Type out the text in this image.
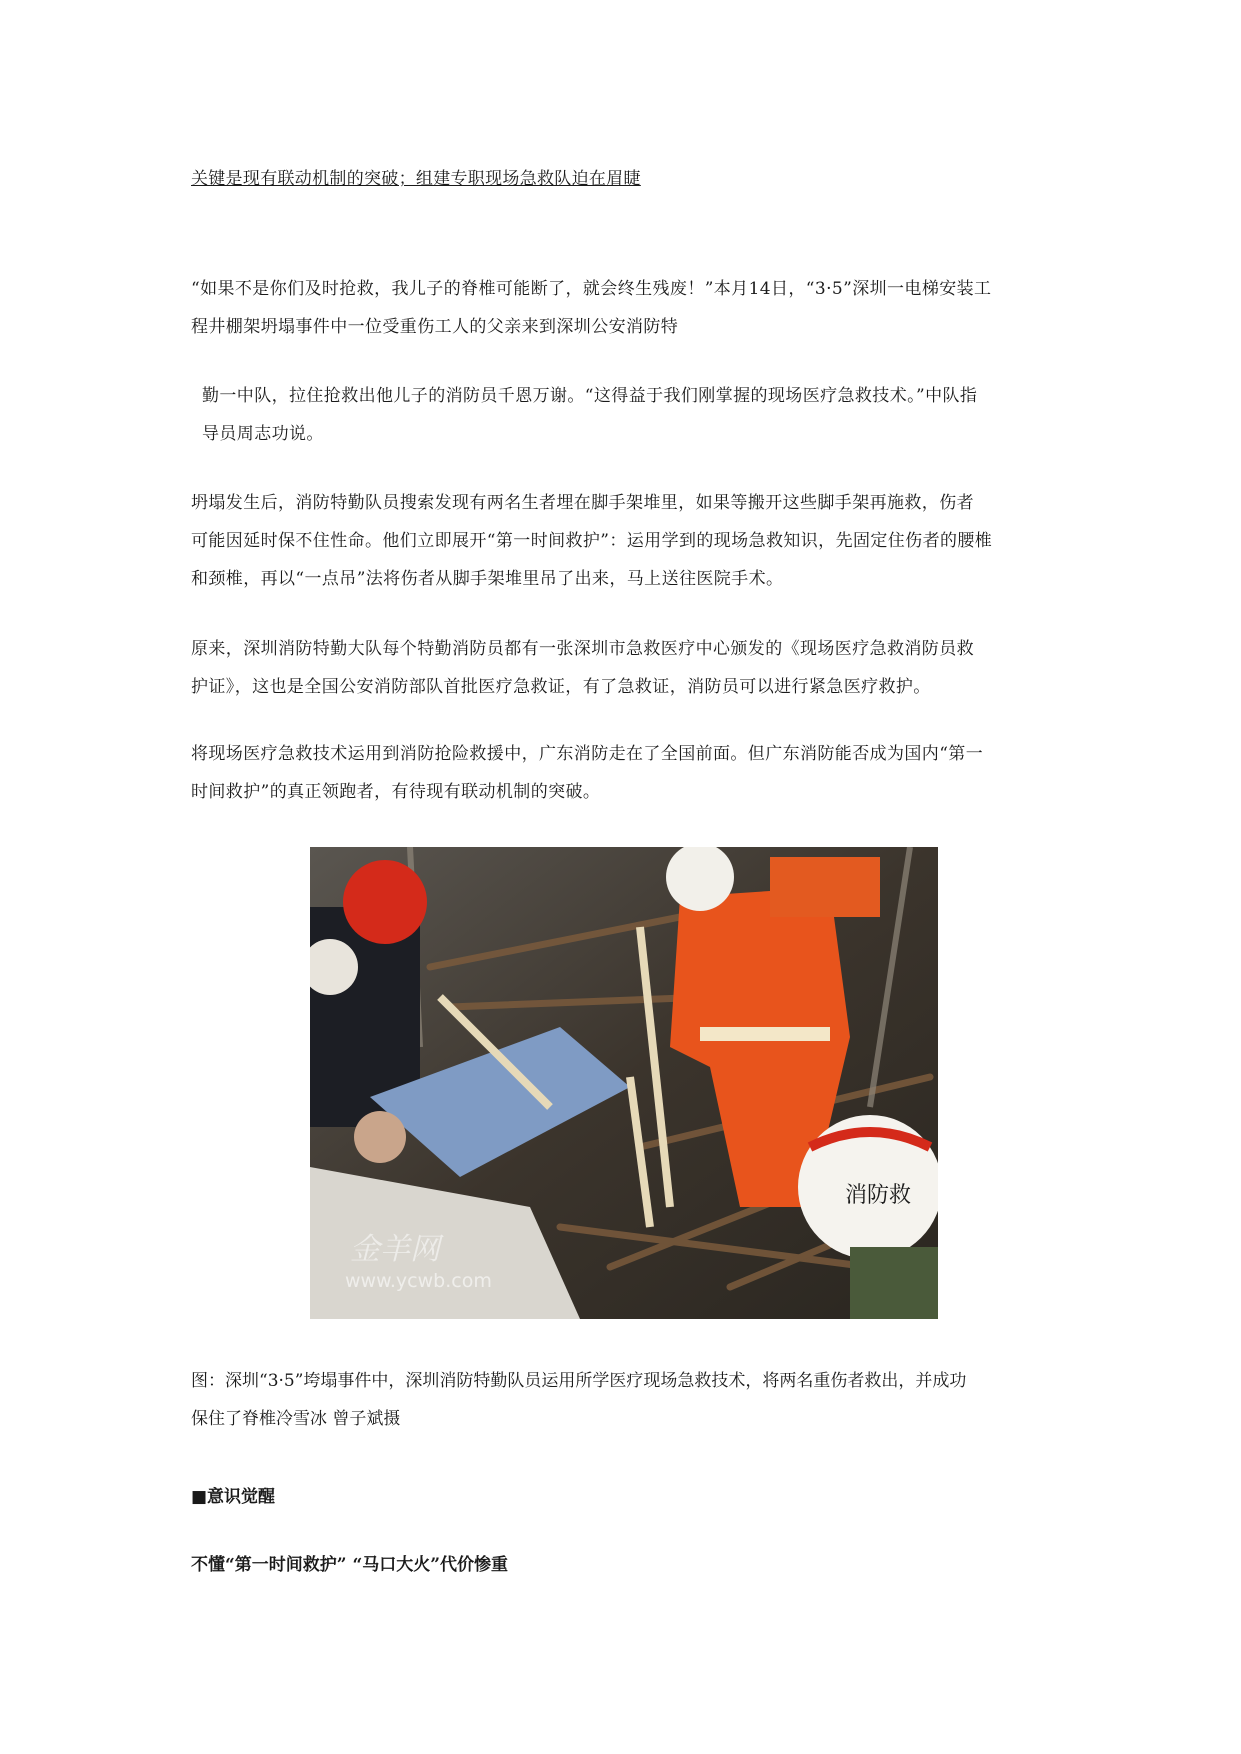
关键是现有联动机制的突破；组建专职现场急救队迫在眉睫
“如果不是你们及时抢救，我儿子的脊椎可能断了，就会终生残废！”本月14日，“3·5”深圳一电梯安装工
程井棚架坍塌事件中一位受重伤工人的父亲来到深圳公安消防特
勤一中队，拉住抢救出他儿子的消防员千恩万谢。“这得益于我们刚掌握的现场医疗急救技术。”中队指
导员周志功说。
坍塌发生后，消防特勤队员搜索发现有两名生者埋在脚手架堆里，如果等搬开这些脚手架再施救，伤者
可能因延时保不住性命。他们立即展开“第一时间救护”：运用学到的现场急救知识，先固定住伤者的腰椎
和颈椎，再以“一点吊”法将伤者从脚手架堆里吊了出来，马上送往医院手术。
原来，深圳消防特勤大队每个特勤消防员都有一张深圳市急救医疗中心颁发的《现场医疗急救消防员救
护证》，这也是全国公安消防部队首批医疗急救证，有了急救证，消防员可以进行紧急医疗救护。
将现场医疗急救技术运用到消防抢险救援中，广东消防走在了全国前面。但广东消防能否成为国内“第一
时间救护”的真正领跑者，有待现有联动机制的突破。
消防救
金羊网
www.ycwb.com
图：深圳“3·5”垮塌事件中，深圳消防特勤队员运用所学医疗现场急救技术，将两名重伤者救出，并成功
保住了脊椎冷雪冰 曾子斌摄
■意识觉醒
不懂“第一时间救护” “马口大火”代价惨重
